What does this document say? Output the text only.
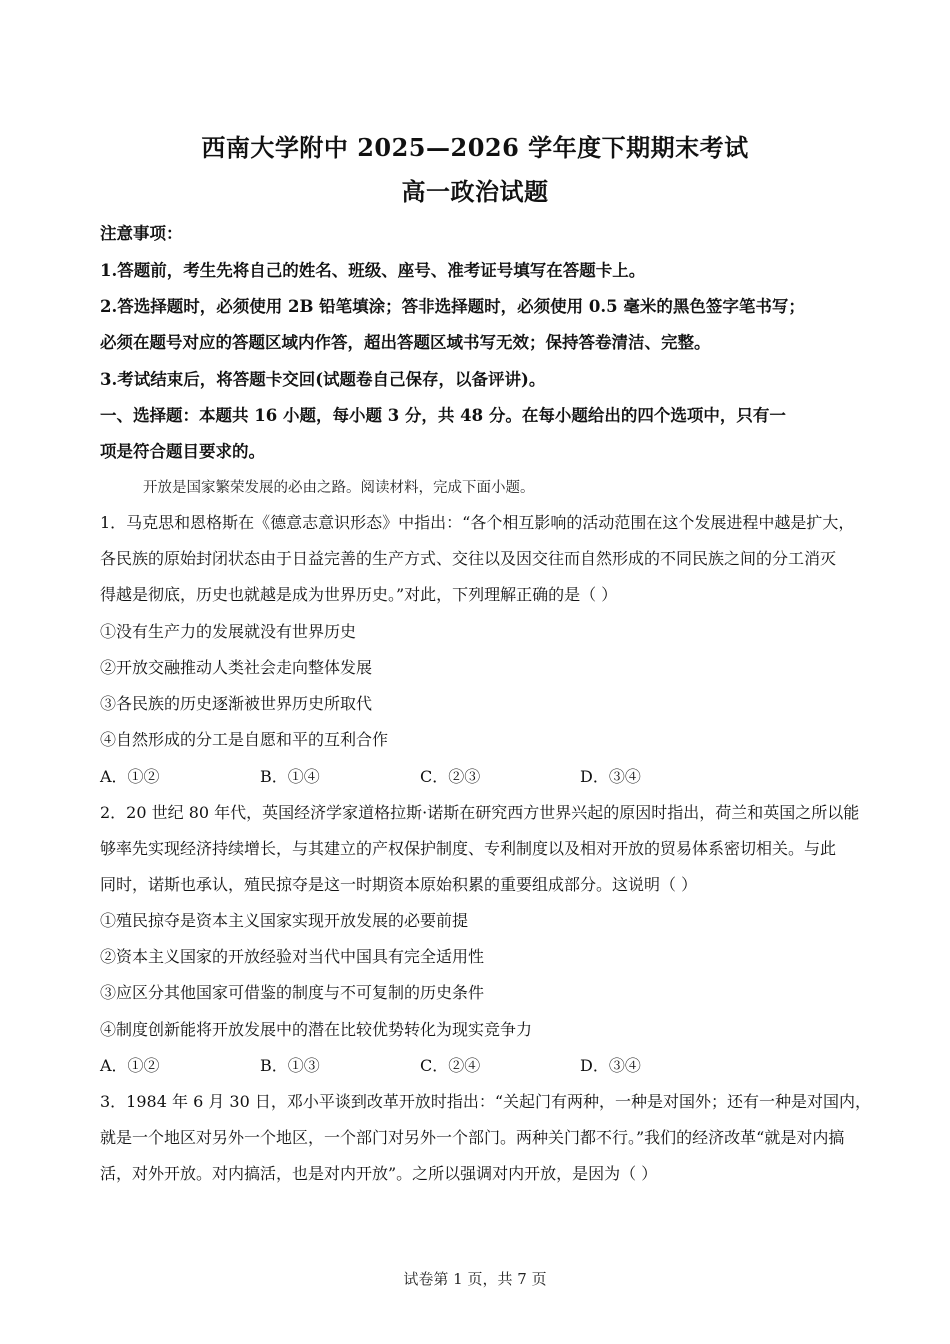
西南大学附中 2025—2026 学年度下期期末考试
高一政治试题
注意事项：
1.答题前，考生先将自己的姓名、班级、座号、准考证号填写在答题卡上。
2.答选择题时，必须使用 2B 铅笔填涂；答非选择题时，必须使用 0.5 毫米的黑色签字笔书写；
必须在题号对应的答题区域内作答，超出答题区域书写无效；保持答卷清洁、完整。
3.考试结束后，将答题卡交回(试题卷自己保存，以备评讲)。
一、选择题：本题共 16 小题，每小题 3 分，共 48 分。在每小题给出的四个选项中，只有一
项是符合题目要求的。
开放是国家繁荣发展的必由之路。阅读材料，完成下面小题。
1．马克思和恩格斯在《德意志意识形态》中指出：“各个相互影响的活动范围在这个发展进程中越是扩大，
各民族的原始封闭状态由于日益完善的生产方式、交往以及因交往而自然形成的不同民族之间的分工消灭
得越是彻底，历史也就越是成为世界历史。”对此，下列理解正确的是（ ）
①没有生产力的发展就没有世界历史
②开放交融推动人类社会走向整体发展
③各民族的历史逐渐被世界历史所取代
④自然形成的分工是自愿和平的互利合作
A．①②	B．①④	C．②③	D．③④
2．20 世纪 80 年代，英国经济学家道格拉斯·诺斯在研究西方世界兴起的原因时指出，荷兰和英国之所以能
够率先实现经济持续增长，与其建立的产权保护制度、专利制度以及相对开放的贸易体系密切相关。与此
同时，诺斯也承认，殖民掠夺是这一时期资本原始积累的重要组成部分。这说明（ ）
①殖民掠夺是资本主义国家实现开放发展的必要前提
②资本主义国家的开放经验对当代中国具有完全适用性
③应区分其他国家可借鉴的制度与不可复制的历史条件
④制度创新能将开放发展中的潜在比较优势转化为现实竞争力
A．①②	B．①③	C．②④	D．③④
3．1984 年 6 月 30 日，邓小平谈到改革开放时指出：“关起门有两种，一种是对国外；还有一种是对国内，
就是一个地区对另外一个地区，一个部门对另外一个部门。两种关门都不行。”我们的经济改革“就是对内搞
活，对外开放。对内搞活，也是对内开放”。之所以强调对内开放，是因为（ ）
试卷第 1 页，共 7 页
